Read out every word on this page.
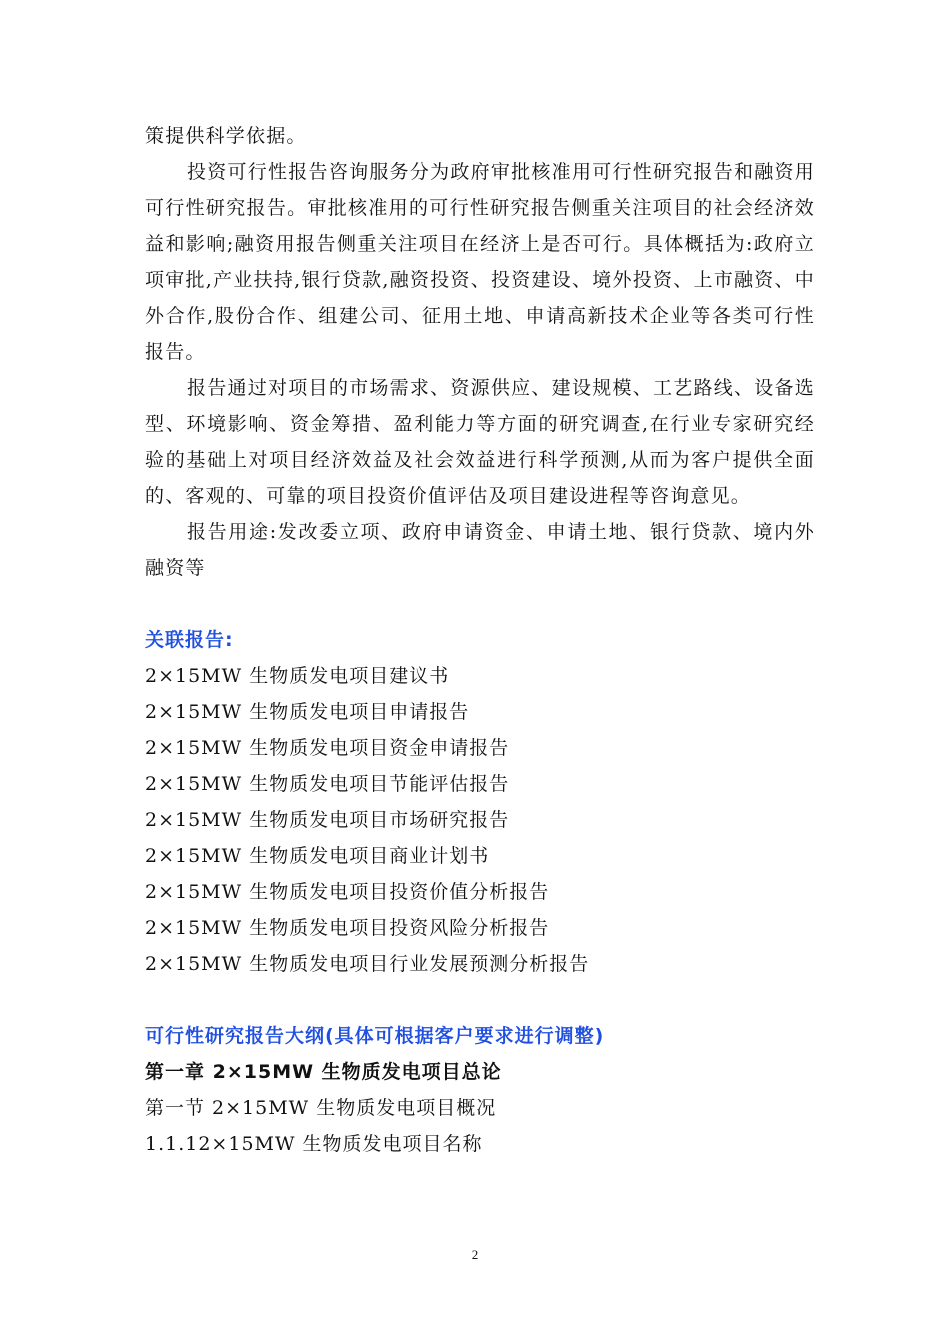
策提供科学依据。

投资可行性报告咨询服务分为政府审批核准用可行性研究报告和融资用可行性研究报告。审批核准用的可行性研究报告侧重关注项目的社会经济效益和影响;融资用报告侧重关注项目在经济上是否可行。具体概括为:政府立项审批,产业扶持,银行贷款,融资投资、投资建设、境外投资、上市融资、中外合作,股份合作、组建公司、征用土地、申请高新技术企业等各类可行性报告。

报告通过对项目的市场需求、资源供应、建设规模、工艺路线、设备选型、环境影响、资金筹措、盈利能力等方面的研究调查,在行业专家研究经验的基础上对项目经济效益及社会效益进行科学预测,从而为客户提供全面的、客观的、可靠的项目投资价值评估及项目建设进程等咨询意见。

报告用途:发改委立项、政府申请资金、申请土地、银行贷款、境内外融资等

关联报告:

2×15MW 生物质发电项目建议书
2×15MW 生物质发电项目申请报告
2×15MW 生物质发电项目资金申请报告
2×15MW 生物质发电项目节能评估报告
2×15MW 生物质发电项目市场研究报告
2×15MW 生物质发电项目商业计划书
2×15MW 生物质发电项目投资价值分析报告
2×15MW 生物质发电项目投资风险分析报告
2×15MW 生物质发电项目行业发展预测分析报告

可行性研究报告大纲(具体可根据客户要求进行调整)

第一章 2×15MW 生物质发电项目总论

第一节 2×15MW 生物质发电项目概况

1.1.12×15MW 生物质发电项目名称

2
